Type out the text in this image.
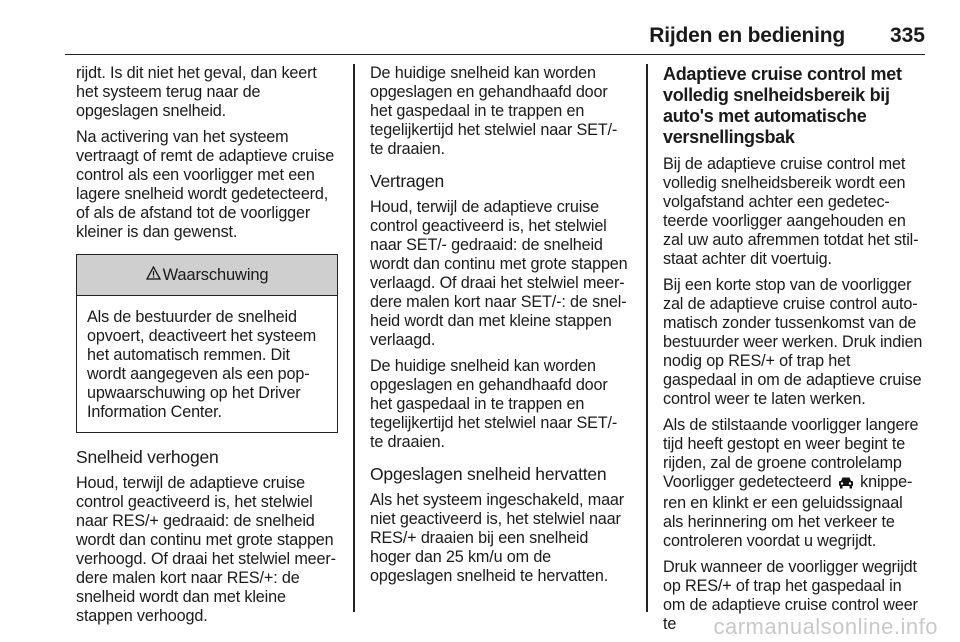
Rijden en bediening 335

rijdt. Is dit niet het geval, dan keert het systeem terug naar de opgeslagen snelheid.

Na activering van het systeem vertraagt of remt de adaptieve cruise control als een voorligger met een lagere snelheid wordt gedetecteerd, of als de afstand tot de voorligger kleiner is dan gewenst.

Waarschuwing

Als de bestuurder de snelheid opvoert, deactiveert het systeem het automatisch remmen. Dit wordt aangegeven als een pop-upwaarschuwing op het Driver Information Center.

Snelheid verhogen

Houd, terwijl de adaptieve cruise control geactiveerd is, het stelwiel naar RES/+ gedraaid: de snelheid wordt dan continu met grote stappen verhoogd. Of draai het stelwiel meerdere malen kort naar RES/+: de snelheid wordt dan met kleine stappen verhoogd.

De huidige snelheid kan worden opgeslagen en gehandhaafd door het gaspedaal in te trappen en tegelijkertijd het stelwiel naar SET/- te draaien.

Vertragen

Houd, terwijl de adaptieve cruise control geactiveerd is, het stelwiel naar SET/- gedraaid: de snelheid wordt dan continu met grote stappen verlaagd. Of draai het stelwiel meerdere malen kort naar SET/-: de snelheid wordt dan met kleine stappen verlaagd.

De huidige snelheid kan worden opgeslagen en gehandhaafd door het gaspedaal in te trappen en tegelijkertijd het stelwiel naar SET/- te draaien.

Opgeslagen snelheid hervatten

Als het systeem ingeschakeld, maar niet geactiveerd is, het stelwiel naar RES/+ draaien bij een snelheid hoger dan 25 km/u om de opgeslagen snelheid te hervatten.

Adaptieve cruise control met volledig snelheidsbereik bij auto's met automatische versnellingsbak

Bij de adaptieve cruise control met volledig snelheidsbereik wordt een volgafstand achter een gedetecteerde voorligger aangehouden en zal uw auto afremmen totdat het stilstaat achter dit voertuig.

Bij een korte stop van de voorligger zal de adaptieve cruise control automatisch zonder tussenkomst van de bestuurder weer werken. Druk indien nodig op RES/+ of trap het gaspedaal in om de adaptieve cruise control weer te laten werken.

Als de stilstaande voorligger langere tijd heeft gestopt en weer begint te rijden, zal de groene controlelamp Voorligger gedetecteerd knipperen en klinkt er een geluidssignaal als herinnering om het verkeer te controleren voordat u wegrijdt.

Druk wanneer de voorligger wegrijdt op RES/+ of trap het gaspedaal in om de adaptieve cruise control weer te	carmanualsonline.info
